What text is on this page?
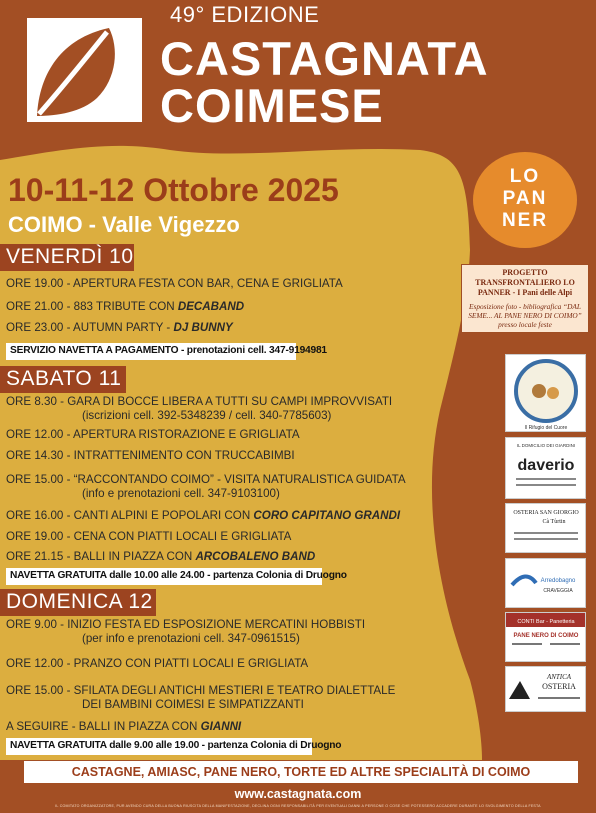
49° EDIZIONE
CASTAGNATA
COIMESE
10-11-12 Ottobre 2025
COIMO - Valle Vigezzo
VENERDÌ 10
ORE 19.00 - APERTURA FESTA CON BAR, CENA E GRIGLIATA
ORE 21.00 - 883 TRIBUTE CON DECABAND
ORE 23.00 - AUTUMN PARTY - DJ BUNNY
SERVIZIO NAVETTA A PAGAMENTO - prenotazioni cell. 347-9194981
SABATO 11
ORE 8.30 - GARA DI BOCCE LIBERA A TUTTI SU CAMPI IMPROVVISATI
(iscrizioni cell. 392-5348239 / cell. 340-7785603)
ORE 12.00 - APERTURA RISTORAZIONE E GRIGLIATA
ORE 14.30 - INTRATTENIMENTO CON TRUCCABIMBI
ORE 15.00 - “RACCONTANDO COIMO” - VISITA NATURALISTICA GUIDATA
(info e prenotazioni cell. 347-9103100)
ORE 16.00 - CANTI ALPINI E POPOLARI CON CORO CAPITANO GRANDI
ORE 19.00 - CENA CON PIATTI LOCALI E GRIGLIATA
ORE 21.15 - BALLI IN PIAZZA CON ARCOBALENO BAND
NAVETTA GRATUITA dalle 10.00 alle 24.00 - partenza Colonia di Druogno
DOMENICA 12
ORE 9.00 - INIZIO FESTA ED ESPOSIZIONE MERCATINI HOBBISTI
(per info e prenotazioni cell. 347-0961515)
ORE 12.00 - PRANZO CON PIATTI LOCALI E GRIGLIATA
ORE 15.00 - SFILATA DEGLI ANTICHI MESTIERI E TEATRO DIALETTALE
DEI BAMBINI COIMESI E SIMPATIZZANTI
A SEGUIRE - BALLI IN PIAZZA CON GIANNI
NAVETTA GRATUITA dalle 9.00 alle 19.00 - partenza Colonia di Druogno
LO
PAN
NER
PROGETTO TRANSFRONTALIERO LO PANNER - I Pani delle Alpi
Esposizione foto - bibliografica “DAL SEME... AL PANE NERO DI COIMO” presso locale feste
Il Rifugio del Cuore
IL DOMICILIO DEI GIARDINI
daverio
OSTERIA SAN GIORGIO
Cà Tùrtin
Arredobagno
CRAVEGGIA
CONTI Bar - Panetteria
PANE NERO DI COIMO
ANTICA
OSTERIA
CASTAGNE, AMIASC, PANE NERO, TORTE ED ALTRE SPECIALITÀ DI COIMO
www.castagnata.com
IL COMITATO ORGANIZZATORE, PUR AVENDO CURA DELLA BUONA RIUSCITA DELLA MANIFESTAZIONE, DECLINA OGNI RESPONSABILITÀ PER EVENTUALI DANNI A PERSONE O COSE CHE POTESSERO ACCADERE DURANTE LO SVOLGIMENTO DELLA FESTA
